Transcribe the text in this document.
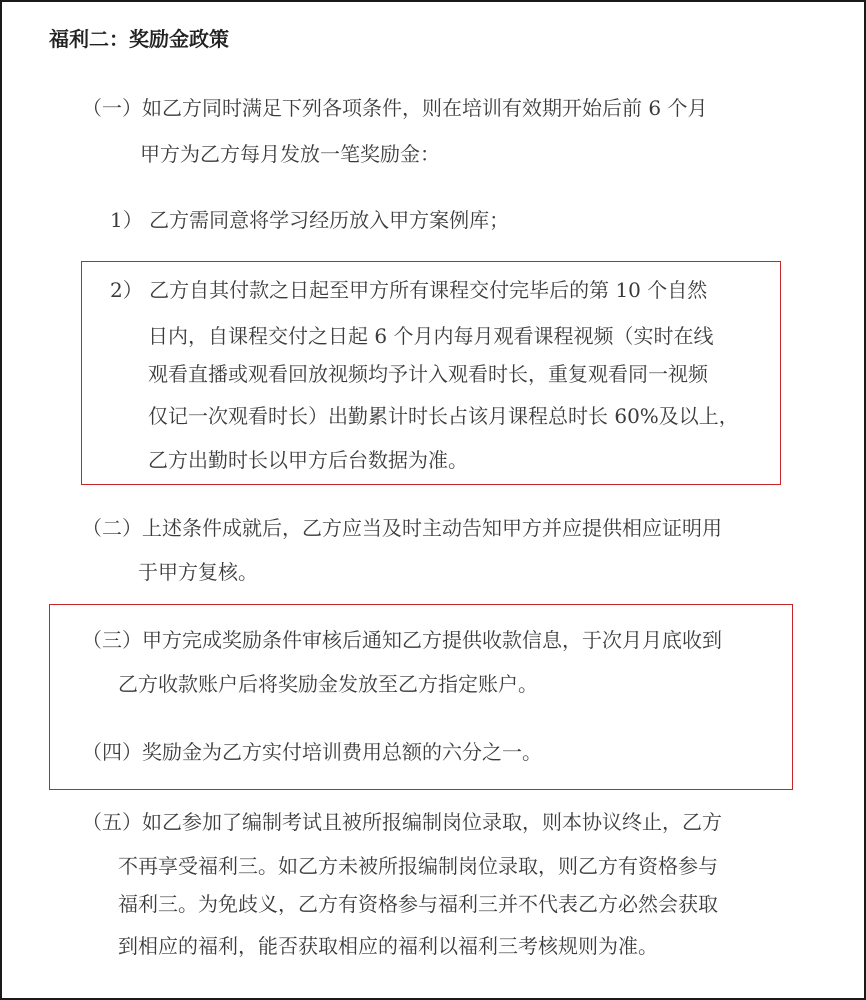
福利二：奖励金政策
（一）如乙方同时满足下列各项条件，则在培训有效期开始后前 6 个月
甲方为乙方每月发放一笔奖励金：
1） 乙方需同意将学习经历放入甲方案例库；
2） 乙方自其付款之日起至甲方所有课程交付完毕后的第 10 个自然
日内，自课程交付之日起 6 个月内每月观看课程视频（实时在线
观看直播或观看回放视频均予计入观看时长，重复观看同一视频
仅记一次观看时长）出勤累计时长占该月课程总时长 60%及以上，
乙方出勤时长以甲方后台数据为准。
（二）上述条件成就后，乙方应当及时主动告知甲方并应提供相应证明用
于甲方复核。
（三）甲方完成奖励条件审核后通知乙方提供收款信息，于次月月底收到
乙方收款账户后将奖励金发放至乙方指定账户。
（四）奖励金为乙方实付培训费用总额的六分之一。
（五）如乙参加了编制考试且被所报编制岗位录取，则本协议终止，乙方
不再享受福利三。如乙方未被所报编制岗位录取，则乙方有资格参与
福利三。为免歧义，乙方有资格参与福利三并不代表乙方必然会获取
到相应的福利，能否获取相应的福利以福利三考核规则为准。
